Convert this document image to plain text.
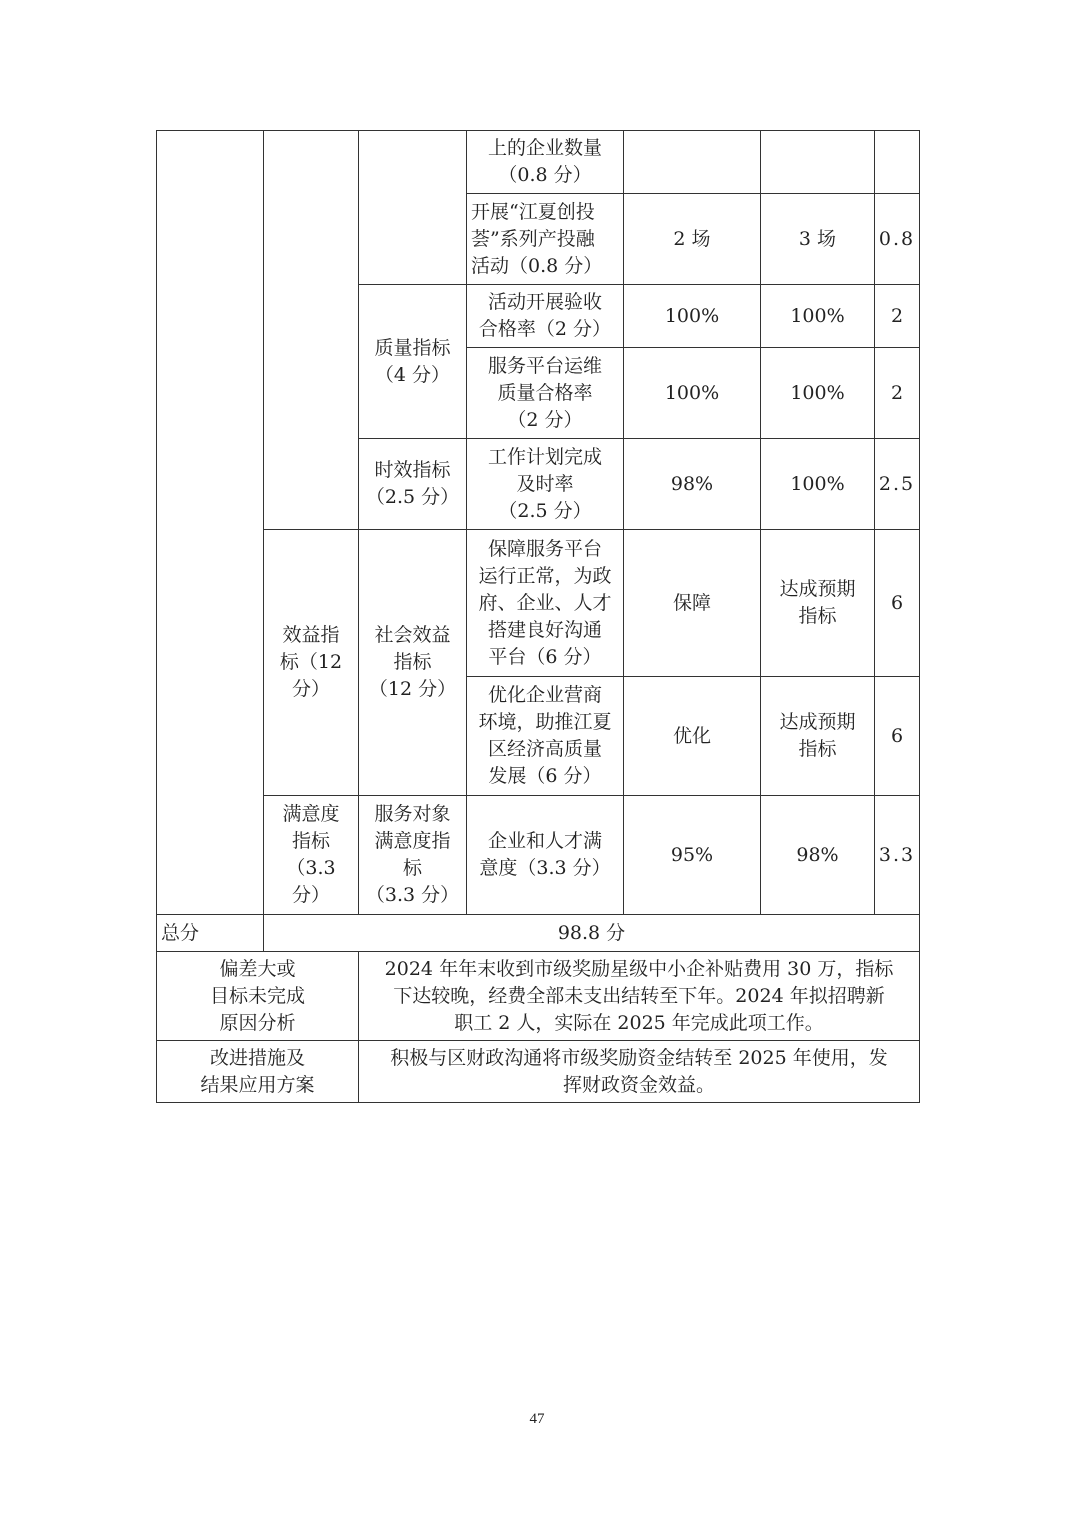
			上的企业数量
（0.8 分）			

			开展“江夏创投
荟”系列产投融
活动（0.8 分）	2 场	3 场	0.8

		质量指标
（4 分）	活动开展验收
合格率（2 分）	100%	100%	2

			服务平台运维
质量合格率
（2 分）	100%	100%	2

		时效指标
（2.5 分）	工作计划完成
及时率
（2.5 分）	98%	100%	2.5

	效益指
标（12
分）	社会效益
指标
（12 分）	保障服务平台
运行正常，为政
府、企业、人才
搭建良好沟通
平台（6 分）	保障	达成预期
指标	6

			优化企业营商
环境，助推江夏
区经济高质量
发展（6 分）	优化	达成预期
指标	6

	满意度
指标
（3.3
分）	服务对象
满意度指
标
（3.3 分）	企业和人才满
意度（3.3 分）	95%	98%	3.3
总分	98.8 分					

偏差大或
目标未完成
原因分析		2024 年年末收到市级奖励星级中小企补贴费用 30 万，指标
下达较晚，经费全部未支出结转至下年。2024 年拟招聘新
职工 2 人，实际在 2025 年完成此项工作。				

改进措施及
结果应用方案		积极与区财政沟通将市级奖励资金结转至 2025 年使用，发
挥财政资金效益。				
47
